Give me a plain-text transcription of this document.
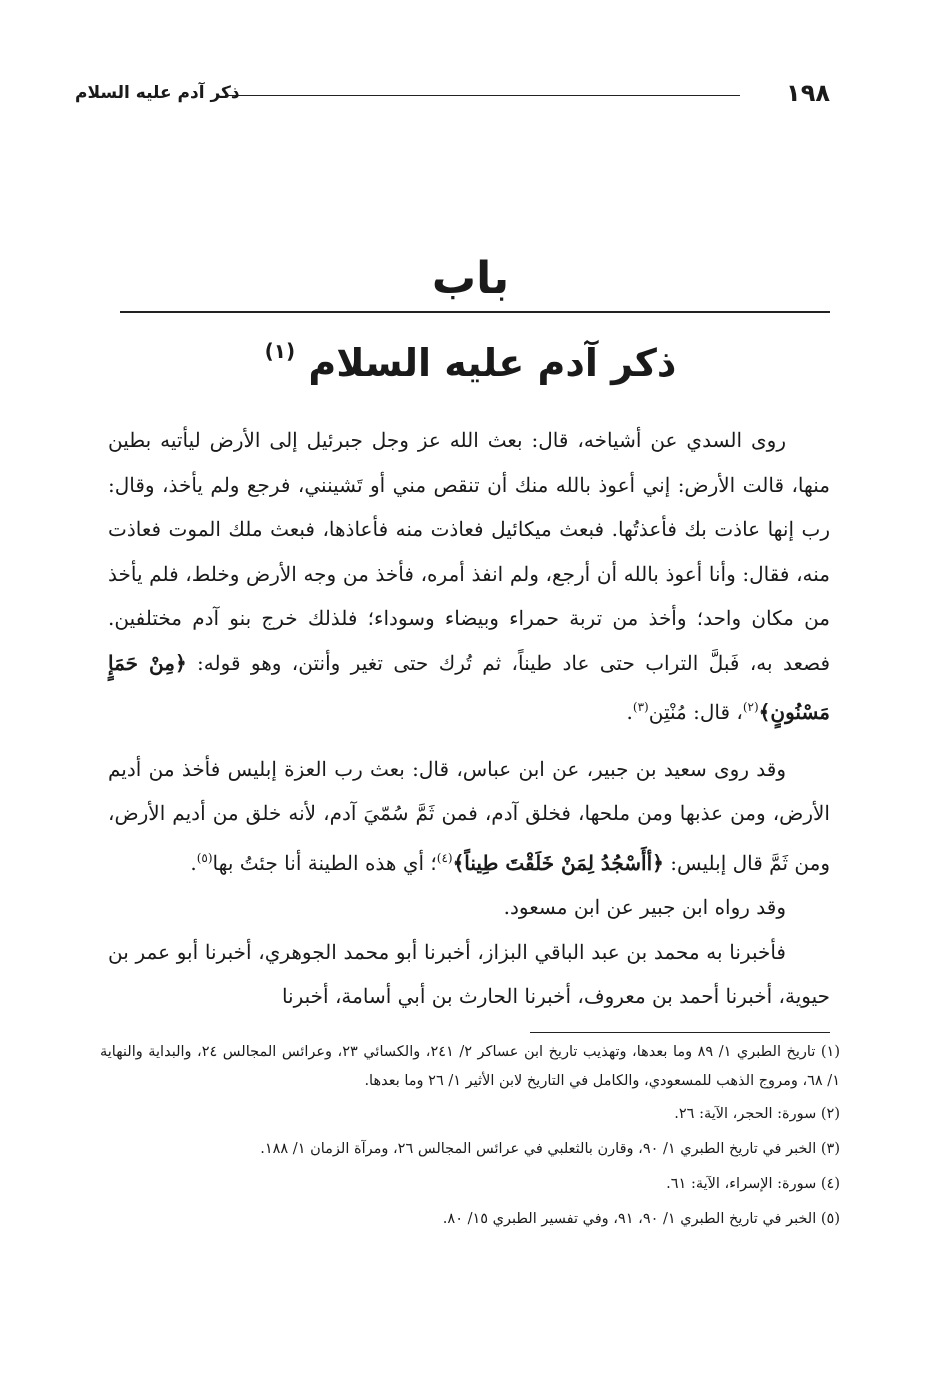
١٩٨
ذكر آدم عليه السلام
باب
ذكر آدم عليه السلام $^{(١)}$

روى السدي عن أشياخه، قال: بعث الله عز وجل جبرئيل إلى الأرض ليأتيه بطين منها، قالت الأرض: إني أعوذ بالله منك أن تنقص مني أو تَشينني، فرجع ولم يأخذ، وقال: رب إنها عاذت بك فأعذتُها. فبعث ميكائيل فعاذت منه فأعاذها، فبعث ملك الموت فعاذت منه، فقال: وأنا أعوذ بالله أن أرجع، ولم انفذ أمره، فأخذ من وجه الأرض وخلط، فلم يأخذ من مكان واحد؛ وأخذ من تربة حمراء وبيضاء وسوداء؛ فلذلك خرج بنو آدم مختلفين. فصعد به، فَبلَّ التراب حتى عاد طيناً، ثم تُرك حتى تغير وأنتن، وهو قوله: ﴿مِنْ حَمَإٍ مَسْنُونٍ﴾$^{(٢)}$، قال: مُنْتِن$^{(٣)}$.

وقد روى سعيد بن جبير، عن ابن عباس، قال: بعث رب العزة إبليس فأخذ من أديم الأرض، ومن عذبها ومن ملحها، فخلق آدم، فمن ثَمَّ سُمّيَ آدم، لأنه خلق من أديم الأرض، ومن ثَمَّ قال إبليس: ﴿أأَسْجُدُ لِمَنْ خَلَقْتَ طِيناً﴾$^{(٤)}$؛ أي هذه الطينة أنا جئتُ بها$^{(٥)}$.

وقد رواه ابن جبير عن ابن مسعود.

فأخبرنا به محمد بن عبد الباقي البزاز، أخبرنا أبو محمد الجوهري، أخبرنا أبو عمر بن حيوية، أخبرنا أحمد بن معروف، أخبرنا الحارث بن أبي أسامة، أخبرنا

(١) تاريخ الطبري ١/ ٨٩ وما بعدها، وتهذيب تاريخ ابن عساكر ٢/ ٢٤١، والكسائي ٢٣، وعرائس المجالس ٢٤، والبداية والنهاية ١/ ٦٨، ومروج الذهب للمسعودي، والكامل في التاريخ لابن الأثير ١/ ٢٦ وما بعدها.

(٢) سورة: الحجر، الآية: ٢٦.

(٣) الخبر في تاريخ الطبري ١/ ٩٠، وقارن بالثعلبي في عرائس المجالس ٢٦، ومرآة الزمان ١/ ١٨٨.

(٤) سورة: الإسراء، الآية: ٦١.

(٥) الخبر في تاريخ الطبري ١/ ٩٠، ٩١، وفي تفسير الطبري ١٥/ ٨٠.
